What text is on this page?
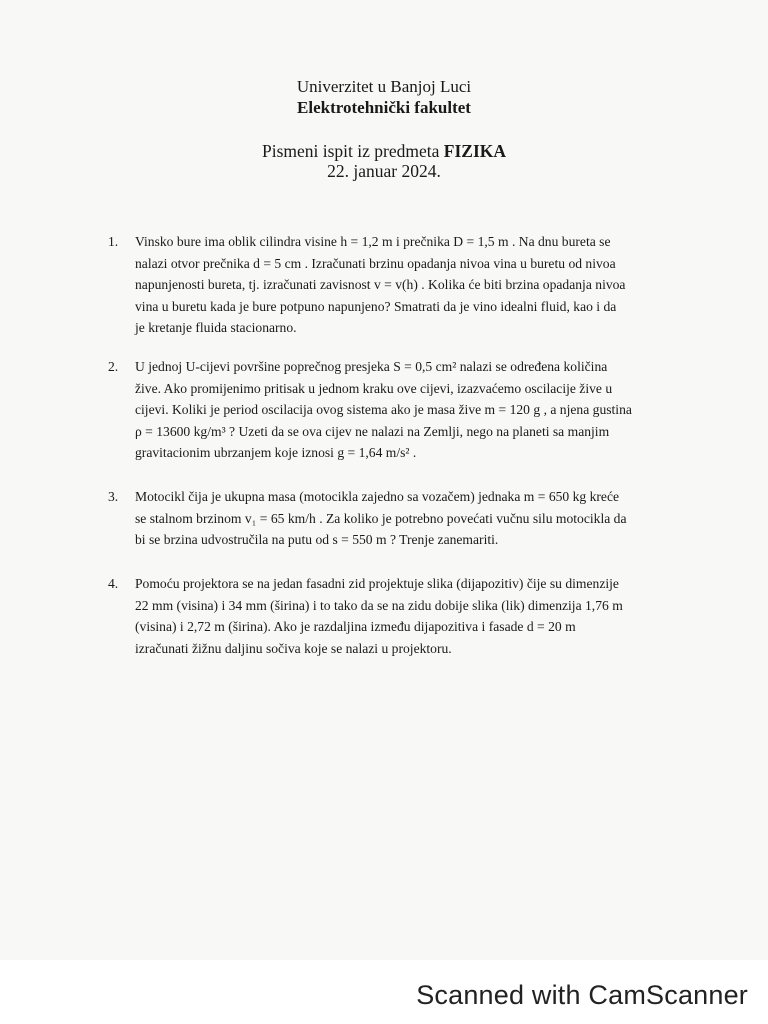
Univerzitet u Banjoj Luci
Elektrotehnički fakultet
Pismeni ispit iz predmeta FIZIKA
22. januar 2024.
1. Vinsko bure ima oblik cilindra visine h = 1,2 m i prečnika D = 1,5 m . Na dnu bureta se
nalazi otvor prečnika d = 5 cm . Izračunati brzinu opadanja nivoa vina u buretu od nivoa
napunjenosti bureta, tj. izračunati zavisnost v = v(h) . Kolika će biti brzina opadanja nivoa
vina u buretu kada je bure potpuno napunjeno? Smatrati da je vino idealni fluid, kao i da
je kretanje fluida stacionarno.
2. U jednoj U-cijevi površine poprečnog presjeka S = 0,5 cm² nalazi se određena količina
žive. Ako promijenimo pritisak u jednom kraku ove cijevi, izazvaćemo oscilacije žive u
cijevi. Koliki je period oscilacija ovog sistema ako je masa žive m = 120 g , a njena gustina
ρ = 13600 kg/m³ ? Uzeti da se ova cijev ne nalazi na Zemlji, nego na planeti sa manjim
gravitacionim ubrzanjem koje iznosi g = 1,64 m/s² .
3. Motocikl čija je ukupna masa (motocikla zajedno sa vozačem) jednaka m = 650 kg kreće
se stalnom brzinom v₁ = 65 km/h . Za koliko je potrebno povećati vučnu silu motocikla da
bi se brzina udvostručila na putu od s = 550 m ? Trenje zanemariti.
4. Pomoću projektora se na jedan fasadni zid projektuje slika (dijapozitiv) čije su dimenzije
22 mm (visina) i 34 mm (širina) i to tako da se na zidu dobije slika (lik) dimenzija 1,76 m
(visina) i 2,72 m (širina). Ako je razdaljina između dijapozitiva i fasade d = 20 m
izračunati žižnu daljinu sočiva koje se nalazi u projektoru.
Scanned with CamScanner
